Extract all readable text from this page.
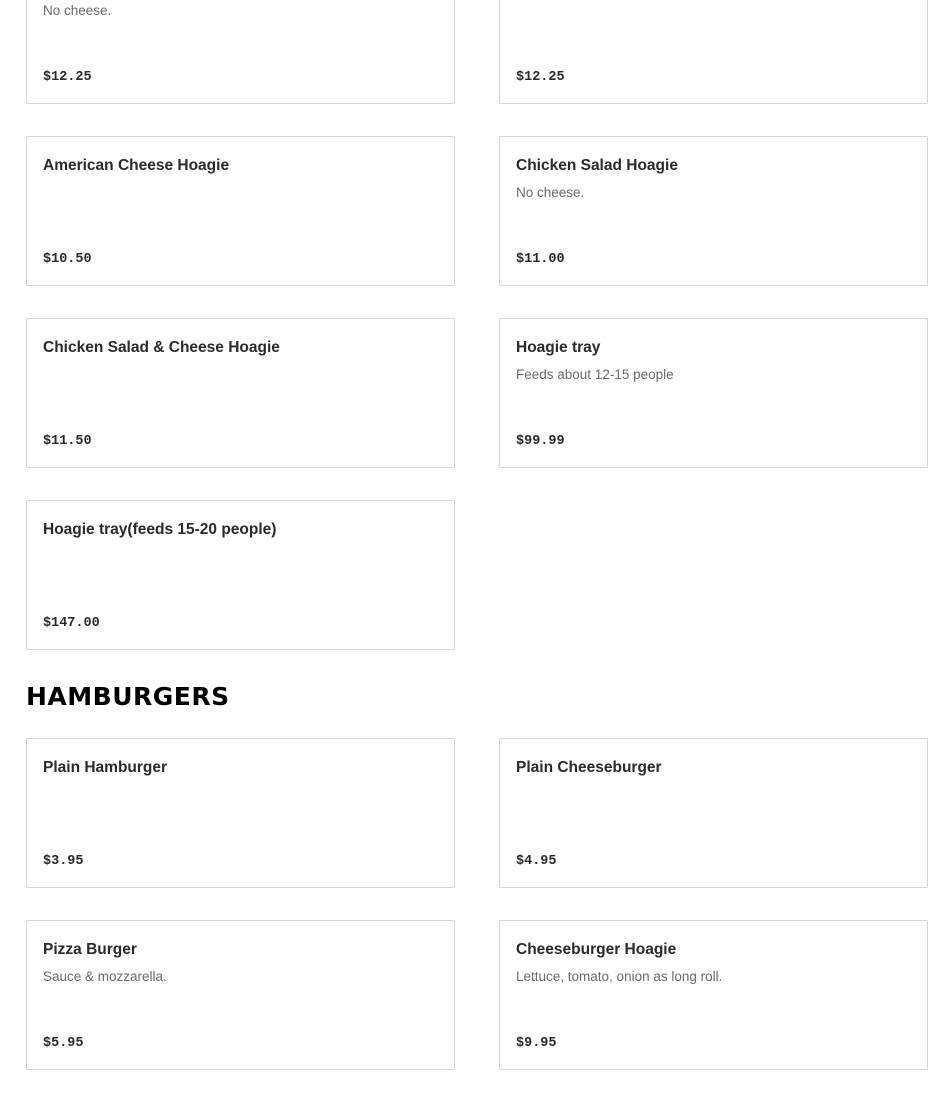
No cheese.
$12.25	$12.25
American Cheese Hoagie
$10.50
Chicken Salad Hoagie
No cheese.
$11.00
Chicken Salad & Cheese Hoagie
$11.50
Hoagie tray
Feeds about 12-15 people
$99.99
Hoagie tray(feeds 15-20 people)
$147.00
HAMBURGERS
Plain Hamburger
$3.95
Plain Cheeseburger
$4.95
Pizza Burger
Sauce & mozzarella.
$5.95
Cheeseburger Hoagie
Lettuce, tomato, onion as long roll.
$9.95
